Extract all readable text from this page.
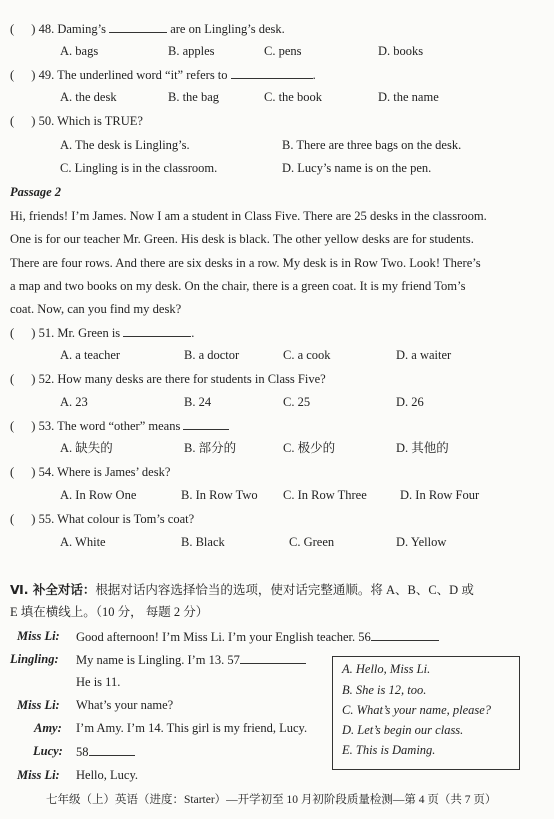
( ) 48. Daming’s	are on Lingling’s desk.
A. bags	B. apples	C. pens	D. books
( ) 49. The underlined word “it” refers to	.
A. the desk	B. the bag	C. the book	D. the name
( ) 50. Which is TRUE?
A. The desk is Lingling’s.	B. There are three bags on the desk.
C. Lingling is in the classroom.	D. Lucy’s name is on the pen.
Passage 2
Hi, friends! I’m James. Now I am a student in Class Five. There are 25 desks in the classroom.
One is for our teacher Mr. Green. His desk is black. The other yellow desks are for students.
There are four rows. And there are six desks in a row. My desk is in Row Two. Look! There’s
a map and two books on my desk. On the chair, there is a green coat. It is my friend Tom’s
coat. Now, can you find my desk?
( ) 51. Mr. Green is	.
A. a teacher	B. a doctor	C. a cook	D. a waiter
( ) 52. How many desks are there for students in Class Five?
A. 23	B. 24	C. 25	D. 26
( ) 53. The word “other” means
A. 缺失的	B. 部分的	C. 极少的	D. 其他的
( ) 54. Where is James’ desk?
A. In Row One	B. In Row Two C. In Row Three	D. In Row Four
( ) 55. What colour is Tom’s coat?
A. White	B. Black	C. Green	D. Yellow
Ⅵ. 补全对话：根据对话内容选择恰当的选项，使对话完整通顺。将 A、B、C、D 或
E 填在横线上。（10 分， 每题 2 分）
Miss Li: Good afternoon! I’m Miss Li. I’m your English teacher. 56
Lingling: My name is Lingling. I’m 13. 57
He is 11.
Miss Li: What’s your name?
Amy: I’m Amy. I’m 14. This girl is my friend, Lucy.
Lucy: 58
Miss Li: Hello, Lucy.
A. Hello, Miss Li.
B. She is 12, too.
C. What’s your name, please?
D. Let’s begin our class.
E. This is Daming.
七年级（上）英语（进度：Starter）—开学初至 10 月初阶段质量检测—第 4 页（共 7 页）
